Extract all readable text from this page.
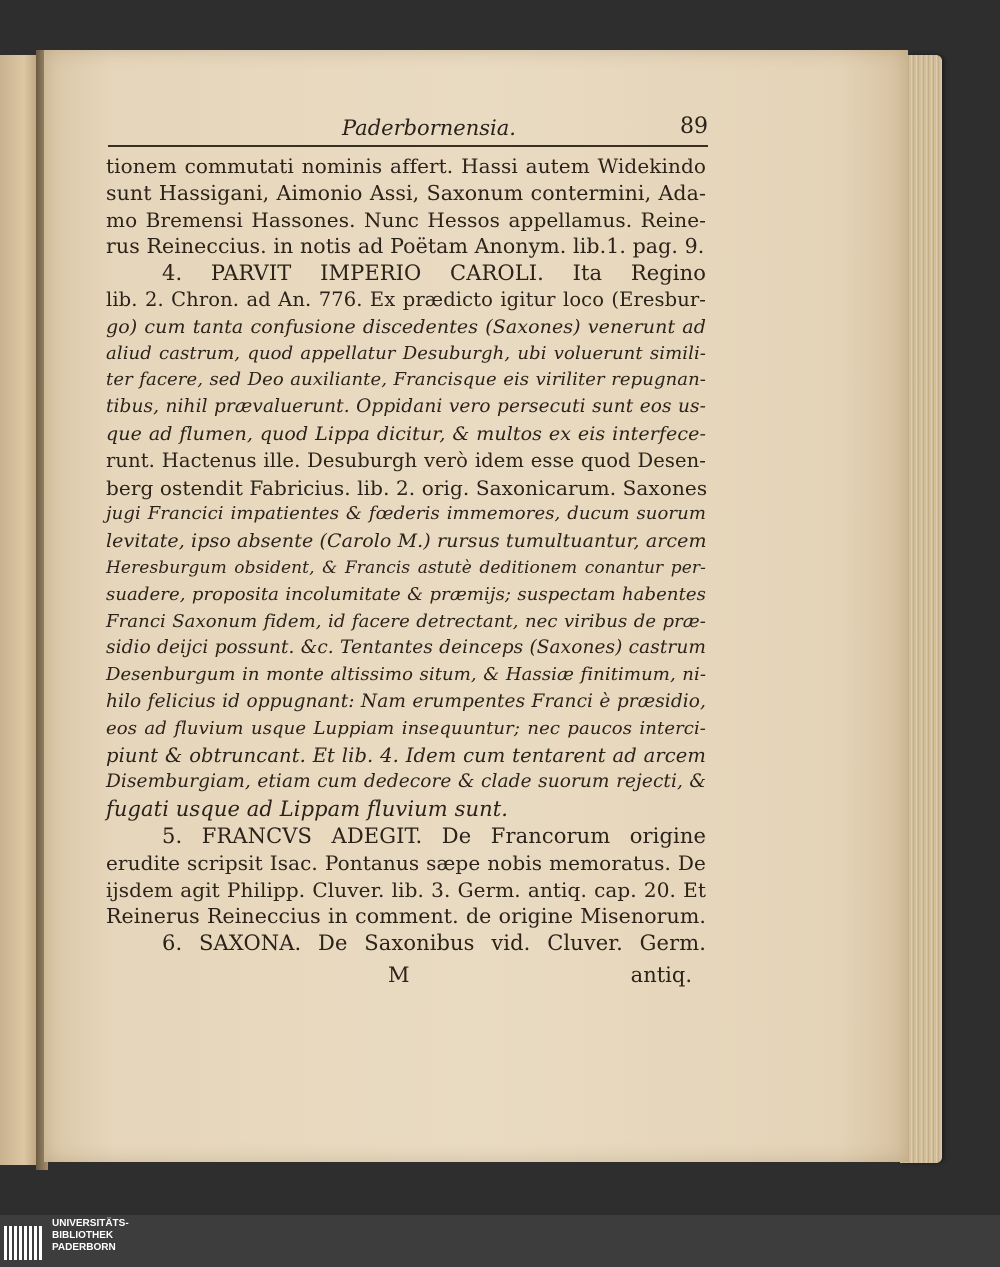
Paderbornensia.	89
tionem commutati nominis affert. Hassi autem Widekindo
sunt Hassigani, Aimonio Assi, Saxonum contermini, Ada-
mo Bremensi Hassones. Nunc Hessos appellamus. Reine-
rus Reineccius. in notis ad Poëtam Anonym. lib.1. pag. 9.
4. PARVIT IMPERIO CAROLI. Ita Regino
lib. 2. Chron. ad An. 776. Ex prædicto igitur loco (Eresbur-
go) cum tanta confusione discedentes (Saxones) venerunt ad
aliud castrum, quod appellatur Desuburgh, ubi voluerunt simili-
ter facere, sed Deo auxiliante, Francisque eis viriliter repugnan-
tibus, nihil prævaluerunt. Oppidani vero persecuti sunt eos us-
que ad flumen, quod Lippa dicitur, & multos ex eis interfece-
runt. Hactenus ille. Desuburgh verò idem esse quod Desen-
berg ostendit Fabricius. lib. 2. orig. Saxonicarum. Saxones
jugi Francici impatientes & fœderis immemores, ducum suorum
levitate, ipso absente (Carolo M.) rursus tumultuantur, arcem
Heresburgum obsident, & Francis astutè deditionem conantur per-
suadere, proposita incolumitate & præmijs; suspectam habentes
Franci Saxonum fidem, id facere detrectant, nec viribus de præ-
sidio deijci possunt. &c. Tentantes deinceps (Saxones) castrum
Desenburgum in monte altissimo situm, & Hassiæ finitimum, ni-
hilo felicius id oppugnant: Nam erumpentes Franci è præsidio,
eos ad fluvium usque Luppiam insequuntur; nec paucos interci-
piunt & obtruncant. Et lib. 4. Idem cum tentarent ad arcem
Disemburgiam, etiam cum dedecore & clade suorum rejecti, &
fugati usque ad Lippam fluvium sunt.
5. FRANCVS ADEGIT. De Francorum origine
erudite scripsit Isac. Pontanus sæpe nobis memoratus. De
ijsdem agit Philipp. Cluver. lib. 3. Germ. antiq. cap. 20. Et
Reinerus Reineccius in comment. de origine Misenorum.
6. SAXONA. De Saxonibus vid. Cluver. Germ.
M	antiq.
UNIVERSITÄTS-
BIBLIOTHEK
PADERBORN
